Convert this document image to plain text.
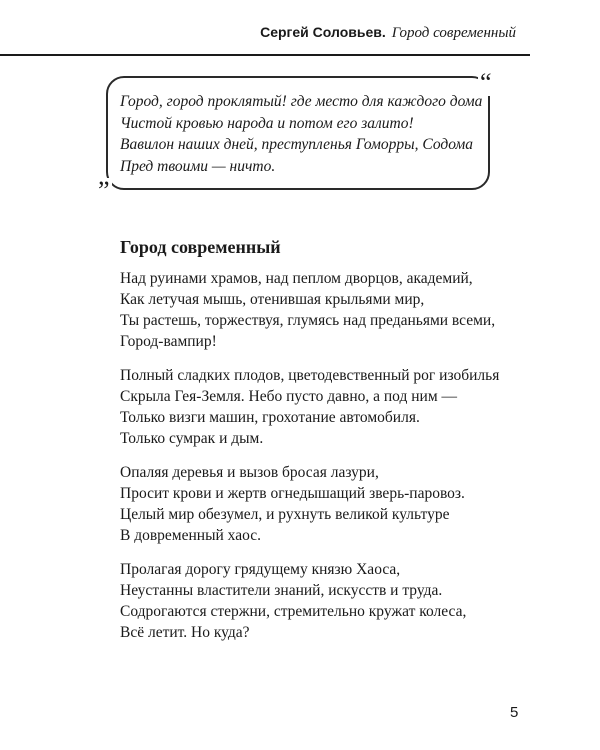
Сергей Соловьев. Город современный
“
”
Город, город проклятый! где место для каждого дома
Чистой кровью народа и потом его залито!
Вавилон наших дней, преступленья Гоморры, Содома
Пред твоими — ничто.
Город современный
Над руинами храмов, над пеплом дворцов, академий,
Как летучая мышь, отенившая крыльями мир,
Ты растешь, торжествуя, глумясь над преданьями всеми,
Город-вампир!
Полный сладких плодов, цветодевственный рог изобилья
Скрыла Гея-Земля. Небо пусто давно, а под ним —
Только визги машин, грохотание автомобиля.
Только сумрак и дым.
Опаляя деревья и вызов бросая лазури,
Просит крови и жертв огнедышащий зверь-паровоз.
Целый мир обезумел, и рухнуть великой культуре
В довременный хаос.
Пролагая дорогу грядущему князю Хаоса,
Неустанны властители знаний, искусств и труда.
Содрогаются стержни, стремительно кружат колеса,
Всё летит. Но куда?
5
